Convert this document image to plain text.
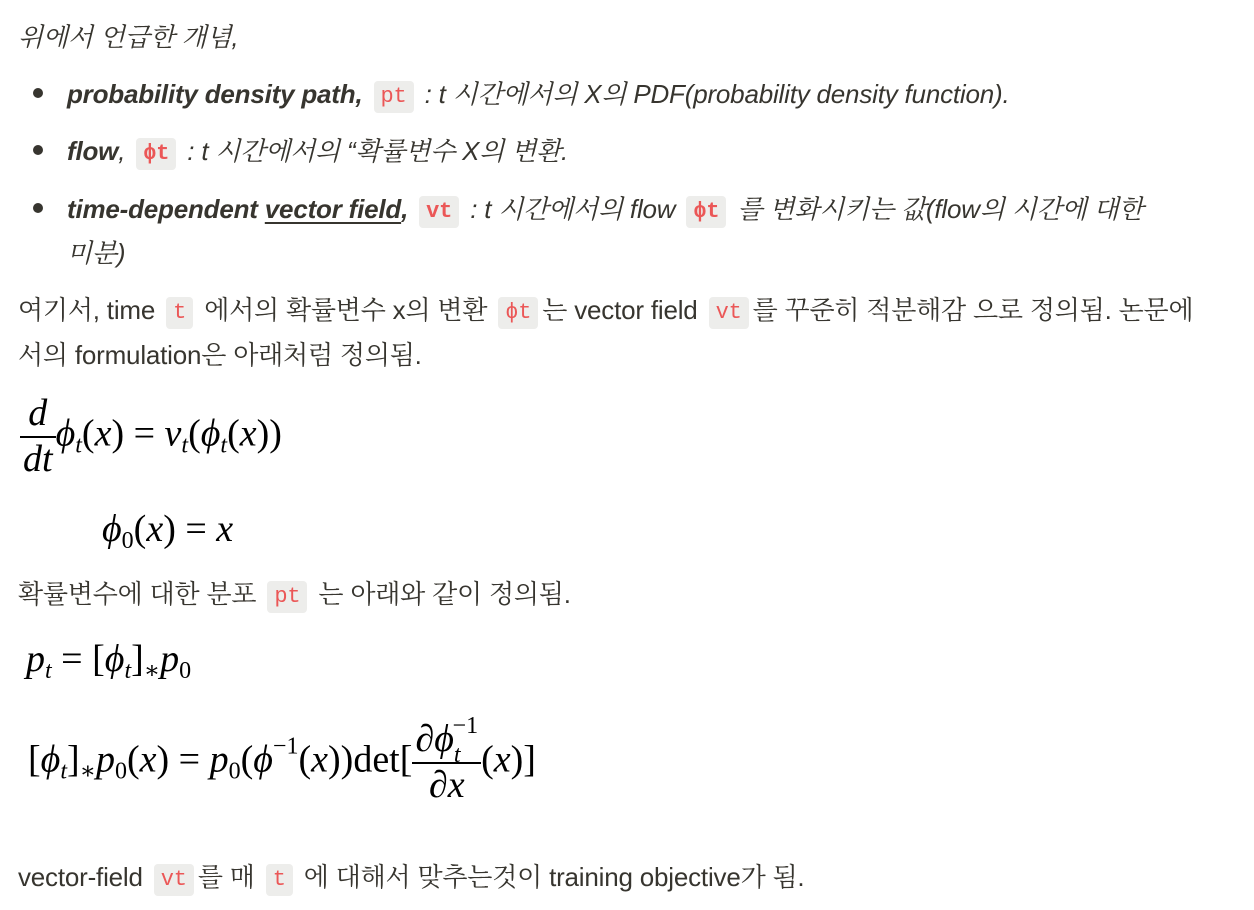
위에서 언급한 개념,
probability density path, pt : t 시간에서의 X의 PDF(probability density function).
flow, ϕt : t 시간에서의 “확률변수 X의 변환.
time-dependent vector field, vt : t 시간에서의 flow ϕt 를 변화시키는 값(flow의 시간에 대한
미분)
여기서, time t 에서의 확률변수 x의 변환 ϕt 는 vector field vt 를 꾸준히 적분해감 으로 정의됨. 논문에
서의 formulation은 아래처럼 정의됨.
$\frac{d}{dt} \phi_t(x) = v_t(\phi_t(x))$
$\phi_0(x) = x$
확률변수에 대한 분포 pt 는 아래와 같이 정의됨.
$p_t = [\phi_t]_∗p_0$
$[\phi_t]_∗p_0(x) = p_0(\phi^{-1}(x))\det[ \frac{\partial\phi_t^{-1}}{\partial x} (x)]$
vector-field vt 를 매 t 에 대해서 맞추는것이 training objective가 됨.
